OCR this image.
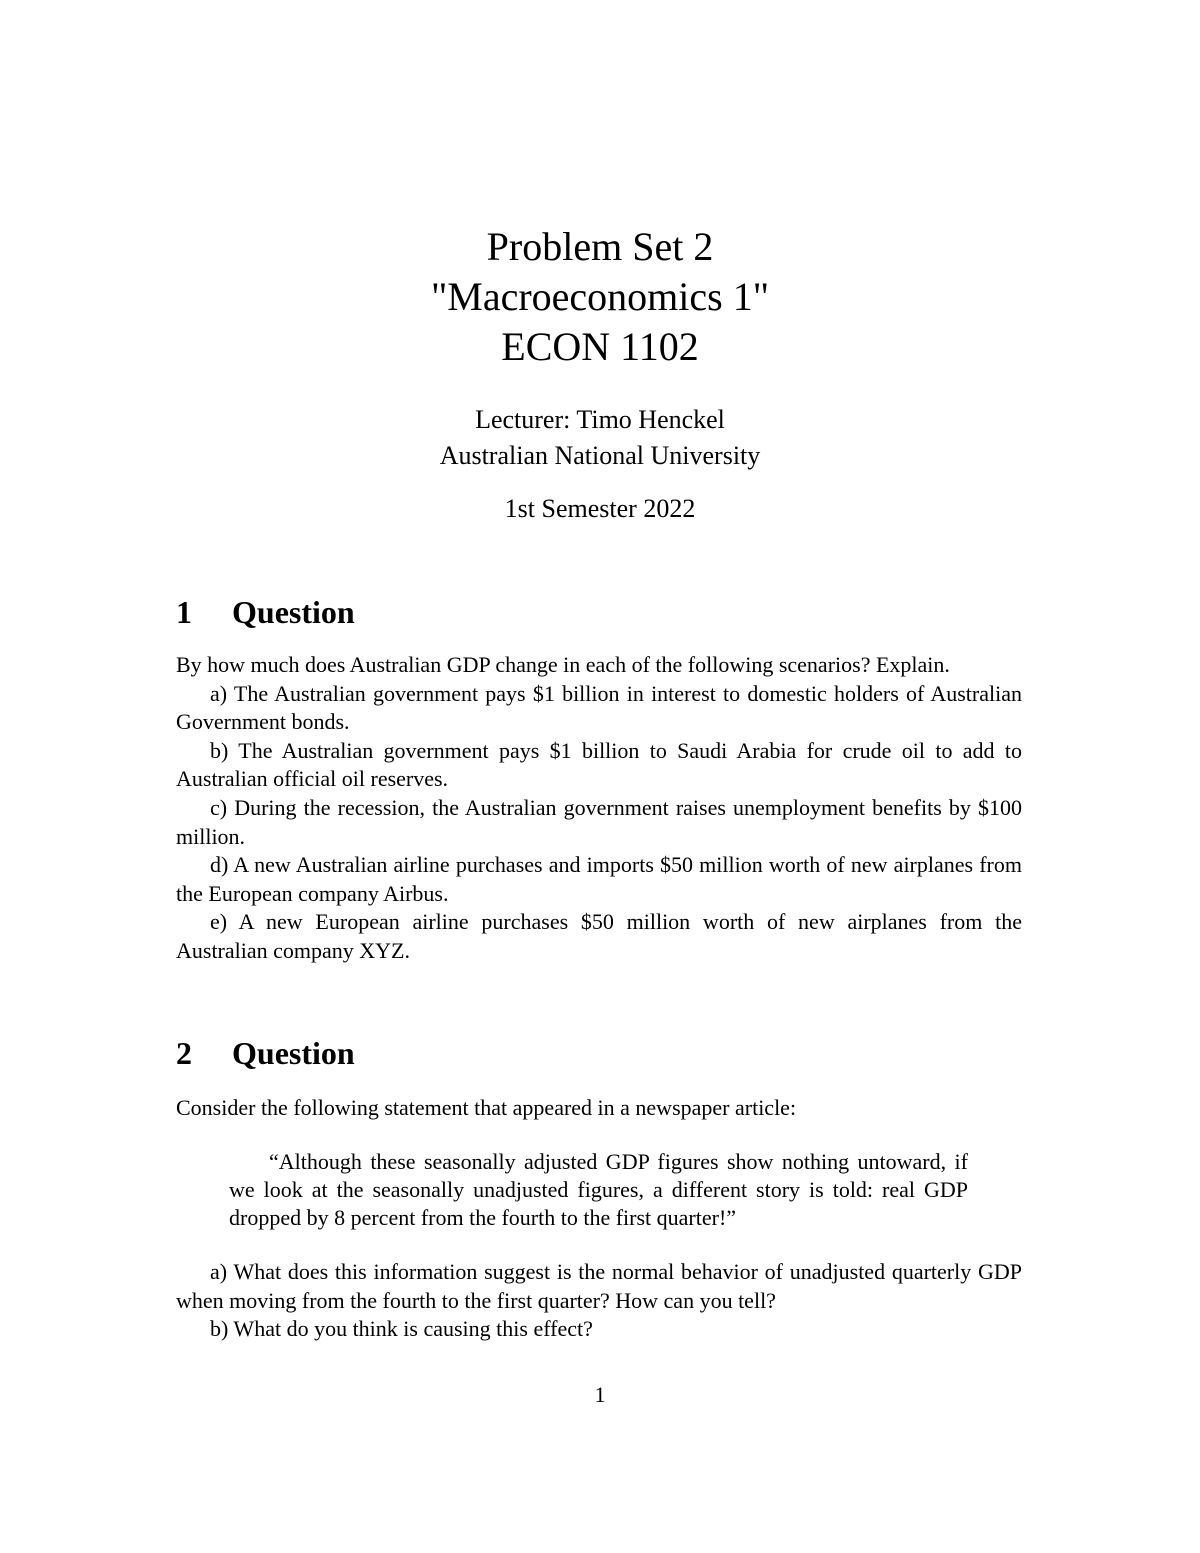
Problem Set 2
"Macroeconomics 1"
ECON 1102
Lecturer: Timo Henckel
Australian National University
1st Semester 2022
1 Question

By how much does Australian GDP change in each of the following scenarios? Explain.

a) The Australian government pays $1 billion in interest to domestic holders of Australian Government bonds.

b) The Australian government pays $1 billion to Saudi Arabia for crude oil to add to Australian official oil reserves.

c) During the recession, the Australian government raises unemployment benefits by $100 million.

d) A new Australian airline purchases and imports $50 million worth of new airplanes from the European company Airbus.

e) A new European airline purchases $50 million worth of new airplanes from the Australian company XYZ.

2 Question

Consider the following statement that appeared in a newspaper article:

“Although these seasonally adjusted GDP figures show nothing untoward, if we look at the seasonally unadjusted figures, a different story is told: real GDP dropped by 8 percent from the fourth to the first quarter!”

a) What does this information suggest is the normal behavior of unadjusted quarterly GDP when moving from the fourth to the first quarter? How can you tell?

b) What do you think is causing this effect?

1
